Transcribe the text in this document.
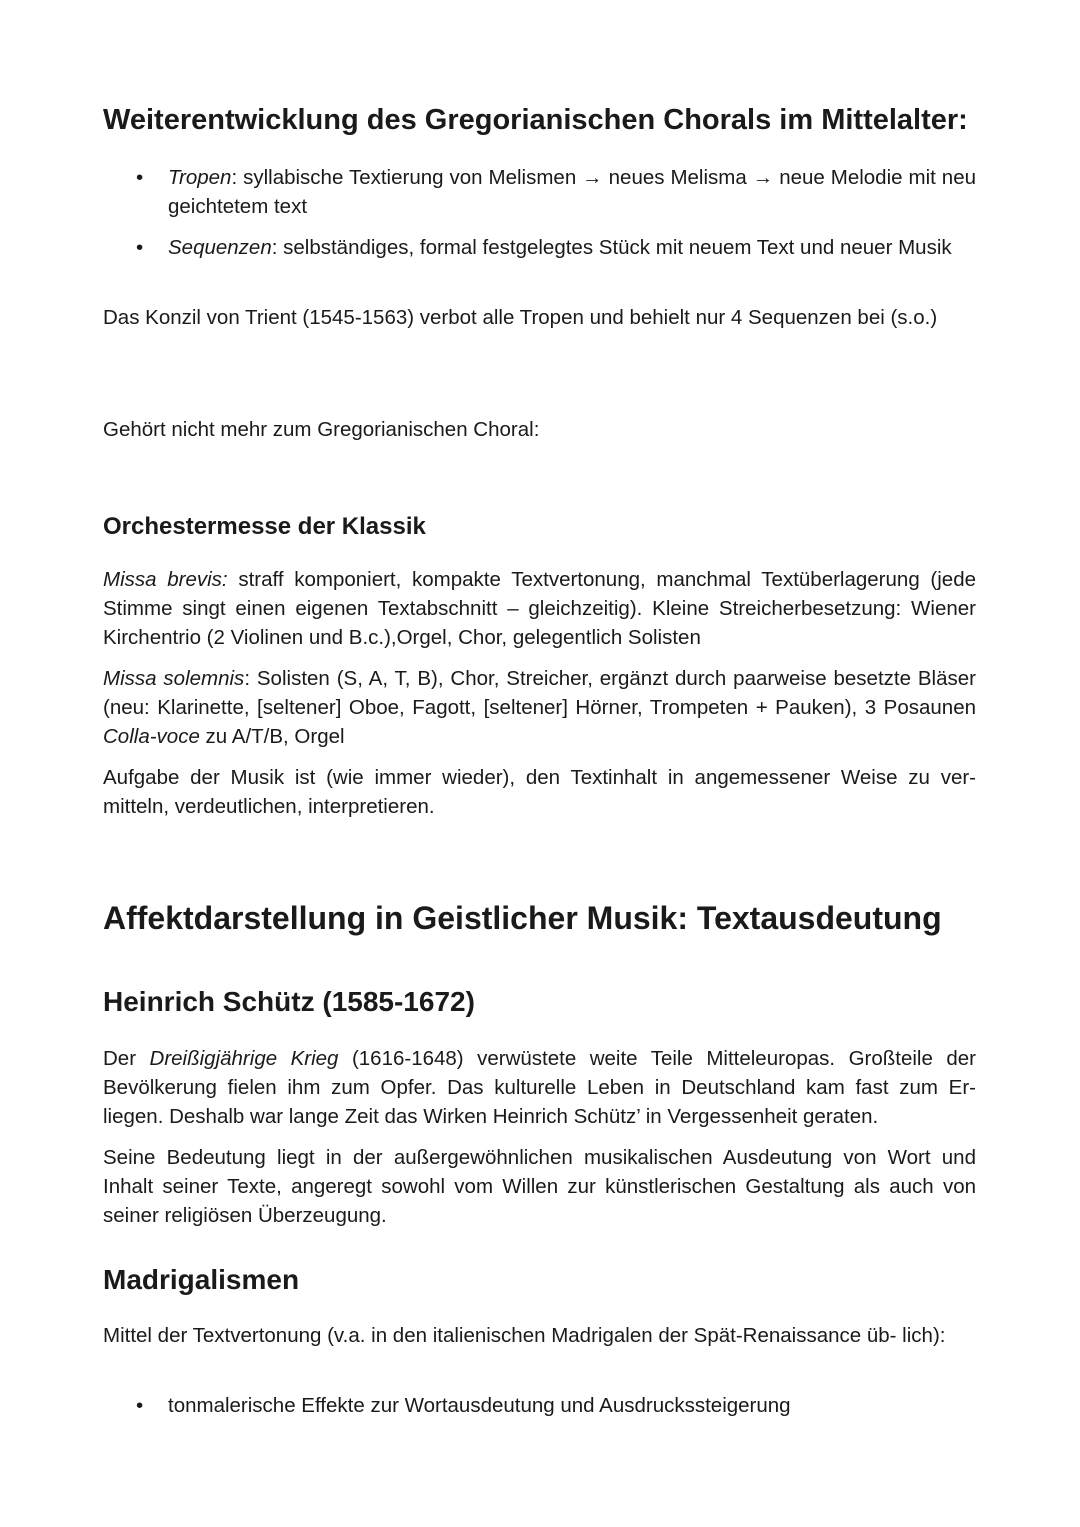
Weiterentwicklung des Gregorianischen Chorals im Mittelalter:
• Tropen: syllabische Textierung von Melismen → neues Melisma → neue Melodie mit neu geichtetem text

• Sequenzen: selbständiges, formal festgelegtes Stück mit neuem Text und neuer Musik

Das Konzil von Trient (1545-1563) verbot alle Tropen und behielt nur 4 Sequenzen bei (s.o.)

Gehört nicht mehr zum Gregorianischen Choral:

Orchestermesse der Klassik

Missa brevis: straff komponiert, kompakte Textvertonung, manchmal Textüberlagerung (jede Stimme singt einen eigenen Textabschnitt – gleichzeitig). Kleine Streicherbesetzung: Wiener Kirchentrio (2 Violinen und B.c.),Orgel, Chor, gelegentlich Solisten

Missa solemnis: Solisten (S, A, T, B), Chor, Streicher, ergänzt durch paarweise besetzte Bläser (neu: Klarinette, [seltener] Oboe, Fagott, [seltener] Hörner, Trompeten + Pauken), 3 Posaunen Colla-voce zu A/T/B, Orgel

Aufgabe der Musik ist (wie immer wieder), den Textinhalt in angemessener Weise zu ver- mitteln, verdeutlichen, interpretieren.

Affektdarstellung in Geistlicher Musik: Textausdeutung
Heinrich Schütz (1585-1672)

Der Dreißigjährige Krieg (1616-1648) verwüstete weite Teile Mitteleuropas. Großteile der Bevölkerung fielen ihm zum Opfer. Das kulturelle Leben in Deutschland kam fast zum Er- liegen. Deshalb war lange Zeit das Wirken Heinrich Schütz’ in Vergessenheit geraten.

Seine Bedeutung liegt in der außergewöhnlichen musikalischen Ausdeutung von Wort und Inhalt seiner Texte, angeregt sowohl vom Willen zur künstlerischen Gestaltung als auch von seiner religiösen Überzeugung.

Madrigalismen

Mittel der Textvertonung (v.a. in den italienischen Madrigalen der Spät-Renaissance üb- lich):

• tonmalerische Effekte zur Wortausdeutung und Ausdruckssteigerung
